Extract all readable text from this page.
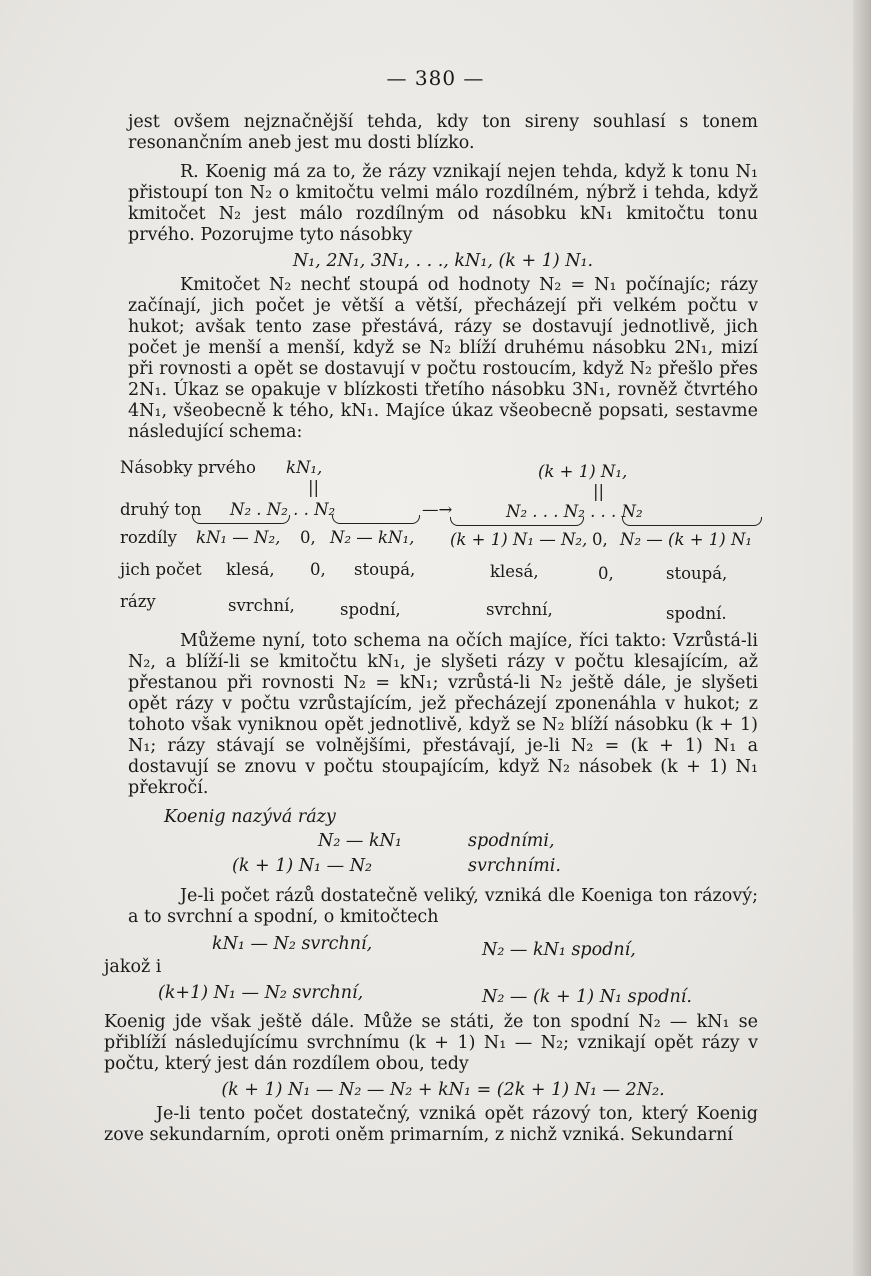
— 380 —

jest ovšem nejznačnější tehda, kdy ton sireny souhlasí s tonem resonančním aneb jest mu dosti blízko.

R. Koenig má za to, že rázy vznikají nejen tehda, když k tonu N₁ přistoupí ton N₂ o kmitočtu velmi málo rozdílném, nýbrž i tehda, když kmitočet N₂ jest málo rozdílným od násobku kN₁ kmitočtu tonu prvého. Pozorujme tyto násobky

N₁, 2N₁, 3N₁, . . ., kN₁, (k + 1) N₁.

Kmitočet N₂ nechť stoupá od hodnoty N₂ = N₁ počínajíc; rázy začínají, jich počet je větší a větší, přecházejí při velkém počtu v hukot; avšak tento zase přestává, rázy se dostavují jednotlivě, jich počet je menší a menší, když se N₂ blíží druhému násobku 2N₁, mizí při rovnosti a opět se dostavují v počtu rostoucím, když N₂ přešlo přes 2N₁. Úkaz se opakuje v blízkosti třetího násobku 3N₁, rovněž čtvrtého 4N₁, všeobecně k tého, kN₁. Majíce úkaz všeobecně popsati, sestavme následující schema:

Násobky prvého kN₁,	(k + 1) N₁,
||	||
druhý ton N₂ . N₂ . . N₂	—→	N₂ . . . N₂ . . . N₂
rozdíly kN₁ — N₂, 0, N₂ — kN₁, (k + 1) N₁ — N₂, 0, N₂ — (k + 1) N₁
jich počet klesá, 0, stoupá,	klesá,	0,	stoupá,
rázy	svrchní,	spodní,	svrchní,	spodní.

Můžeme nyní, toto schema na očích majíce, říci takto: Vzrůstá-li N₂, a blíží-li se kmitočtu kN₁, je slyšeti rázy v počtu klesajícím, až přestanou při rovnosti N₂ = kN₁; vzrůstá-li N₂ ještě dále, je slyšeti opět rázy v počtu vzrůstajícím, jež přecházejí zponenáhla v hukot; z tohoto však vyniknou opět jednotlivě, když se N₂ blíží násobku (k + 1) N₁; rázy stávají se volnějšími, přestávají, je-li N₂ = (k + 1) N₁ a dostavují se znovu v počtu stoupajícím, když N₂ násobek (k + 1) N₁ překročí.

Koenig nazývá rázy
N₂ — kN₁	spodními,
(k + 1) N₁ — N₂	svrchními.

Je-li počet rázů dostatečně veliký, vzniká dle Koeniga ton rázový; a to svrchní a spodní, o kmitočtech

kN₁ — N₂ svrchní,	N₂ — kN₁ spodní,
jakož i
(k+1) N₁ — N₂ svrchní,	N₂ — (k + 1) N₁ spodní.

Koenig jde však ještě dále. Může se státi, že ton spodní N₂ — kN₁ se přiblíží následujícímu svrchnímu (k + 1) N₁ — N₂; vznikají opět rázy v počtu, který jest dán rozdílem obou, tedy

(k + 1) N₁ — N₂ — N₂ + kN₁ = (2k + 1) N₁ — 2N₂.

Je-li tento počet dostatečný, vzniká opět rázový ton, který Koenig zove sekundarním, oproti oněm primarním, z nichž vzniká. Sekundarní
